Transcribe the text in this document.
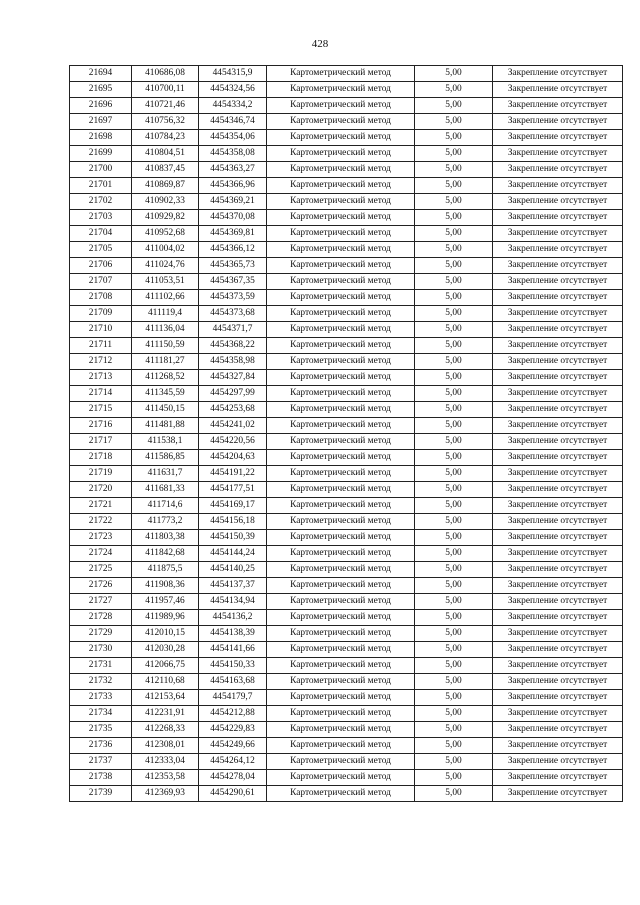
428
21694	410686,08	4454315,9	Картометрический метод	5,00	Закрепление отсутствует
21695	410700,11	4454324,56	Картометрический метод	5,00	Закрепление отсутствует
21696	410721,46	4454334,2	Картометрический метод	5,00	Закрепление отсутствует
21697	410756,32	4454346,74	Картометрический метод	5,00	Закрепление отсутствует
21698	410784,23	4454354,06	Картометрический метод	5,00	Закрепление отсутствует
21699	410804,51	4454358,08	Картометрический метод	5,00	Закрепление отсутствует
21700	410837,45	4454363,27	Картометрический метод	5,00	Закрепление отсутствует
21701	410869,87	4454366,96	Картометрический метод	5,00	Закрепление отсутствует
21702	410902,33	4454369,21	Картометрический метод	5,00	Закрепление отсутствует
21703	410929,82	4454370,08	Картометрический метод	5,00	Закрепление отсутствует
21704	410952,68	4454369,81	Картометрический метод	5,00	Закрепление отсутствует
21705	411004,02	4454366,12	Картометрический метод	5,00	Закрепление отсутствует
21706	411024,76	4454365,73	Картометрический метод	5,00	Закрепление отсутствует
21707	411053,51	4454367,35	Картометрический метод	5,00	Закрепление отсутствует
21708	411102,66	4454373,59	Картометрический метод	5,00	Закрепление отсутствует
21709	411119,4	4454373,68	Картометрический метод	5,00	Закрепление отсутствует
21710	411136,04	4454371,7	Картометрический метод	5,00	Закрепление отсутствует
21711	411150,59	4454368,22	Картометрический метод	5,00	Закрепление отсутствует
21712	411181,27	4454358,98	Картометрический метод	5,00	Закрепление отсутствует
21713	411268,52	4454327,84	Картометрический метод	5,00	Закрепление отсутствует
21714	411345,59	4454297,99	Картометрический метод	5,00	Закрепление отсутствует
21715	411450,15	4454253,68	Картометрический метод	5,00	Закрепление отсутствует
21716	411481,88	4454241,02	Картометрический метод	5,00	Закрепление отсутствует
21717	411538,1	4454220,56	Картометрический метод	5,00	Закрепление отсутствует
21718	411586,85	4454204,63	Картометрический метод	5,00	Закрепление отсутствует
21719	411631,7	4454191,22	Картометрический метод	5,00	Закрепление отсутствует
21720	411681,33	4454177,51	Картометрический метод	5,00	Закрепление отсутствует
21721	411714,6	4454169,17	Картометрический метод	5,00	Закрепление отсутствует
21722	411773,2	4454156,18	Картометрический метод	5,00	Закрепление отсутствует
21723	411803,38	4454150,39	Картометрический метод	5,00	Закрепление отсутствует
21724	411842,68	4454144,24	Картометрический метод	5,00	Закрепление отсутствует
21725	411875,5	4454140,25	Картометрический метод	5,00	Закрепление отсутствует
21726	411908,36	4454137,37	Картометрический метод	5,00	Закрепление отсутствует
21727	411957,46	4454134,94	Картометрический метод	5,00	Закрепление отсутствует
21728	411989,96	4454136,2	Картометрический метод	5,00	Закрепление отсутствует
21729	412010,15	4454138,39	Картометрический метод	5,00	Закрепление отсутствует
21730	412030,28	4454141,66	Картометрический метод	5,00	Закрепление отсутствует
21731	412066,75	4454150,33	Картометрический метод	5,00	Закрепление отсутствует
21732	412110,68	4454163,68	Картометрический метод	5,00	Закрепление отсутствует
21733	412153,64	4454179,7	Картометрический метод	5,00	Закрепление отсутствует
21734	412231,91	4454212,88	Картометрический метод	5,00	Закрепление отсутствует
21735	412268,33	4454229,83	Картометрический метод	5,00	Закрепление отсутствует
21736	412308,01	4454249,66	Картометрический метод	5,00	Закрепление отсутствует
21737	412333,04	4454264,12	Картометрический метод	5,00	Закрепление отсутствует
21738	412353,58	4454278,04	Картометрический метод	5,00	Закрепление отсутствует
21739	412369,93	4454290,61	Картометрический метод	5,00	Закрепление отсутствует
